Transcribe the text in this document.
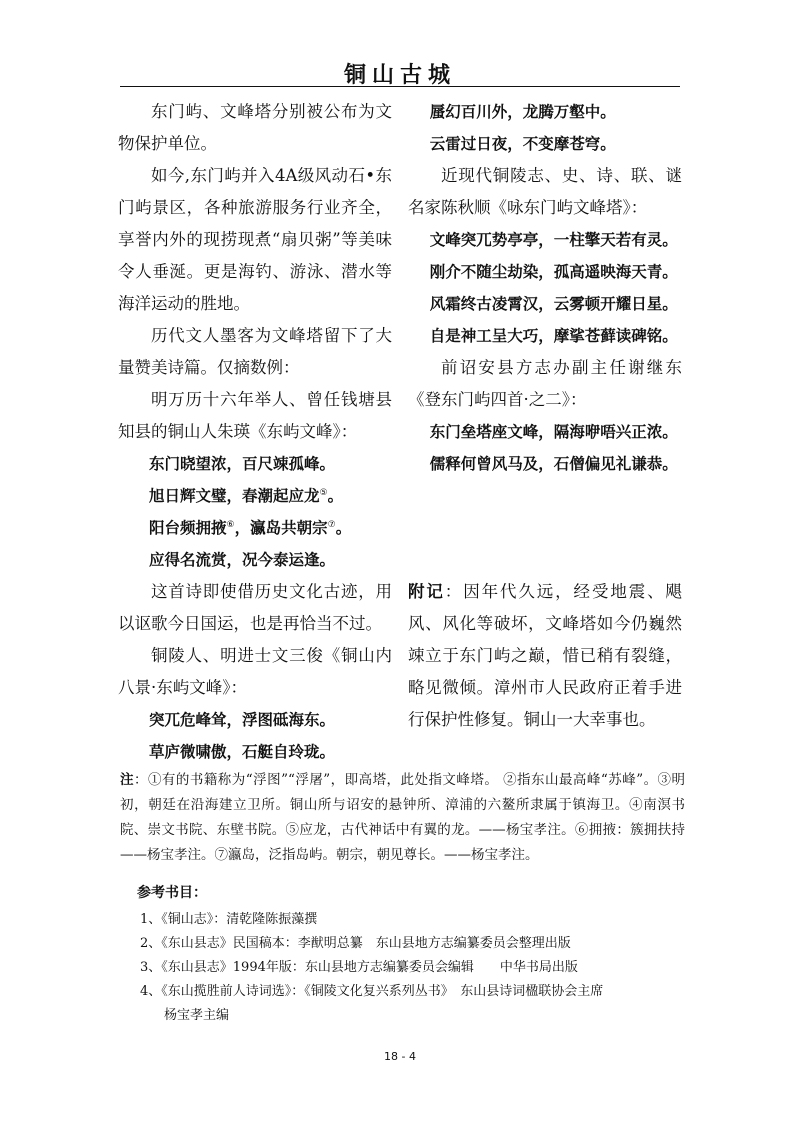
铜山古城

东门屿、文峰塔分别被公布为文物保护单位。

如今,东门屿并入4A级风动石•东门屿景区，各种旅游服务行业齐全，享誉内外的现捞现煮“扇贝粥”等美味令人垂涎。更是海钓、游泳、潜水等海洋运动的胜地。

历代文人墨客为文峰塔留下了大量赞美诗篇。仅摘数例：

明万历十六年举人、曾任钱塘县知县的铜山人朱瑛《东屿文峰》：

东门晓望浓，百尺竦孤峰。
旭日辉文璧，春潮起应龙⑤。
阳台频拥掖⑥，瀛岛共朝宗⑦。
应得名流赏，况今泰运逢。

这首诗即使借历史文化古迹，用以讴歌今日国运，也是再恰当不过。

铜陵人、明进士文三俊《铜山内八景·东屿文峰》：

突兀危峰耸，浮图砥海东。
草庐微啸傲，石艇自玲珑。
蜃幻百川外，龙腾万壑中。
云雷过日夜，不变摩苍穹。

近现代铜陵志、史、诗、联、谜名家陈秋顺《咏东门屿文峰塔》：

文峰突兀势亭亭，一柱擎天若有灵。
刚介不随尘劫染，孤高遥映海天青。
风霜终古凌霄汉，云雾顿开耀日星。
自是神工呈大巧，摩挲苍藓读碑铭。

前诏安县方志办副主任谢继东《登东门屿四首·之二》：

东门垒塔座文峰，隔海咿唔兴正浓。
儒释何曾风马及，石僧偏见礼谦恭。

附记：因年代久远，经受地震、飓风、风化等破坏，文峰塔如今仍巍然竦立于东门屿之巅，惜已稍有裂缝，略见微倾。漳州市人民政府正着手进行保护性修复。铜山一大幸事也。

注：①有的书籍称为“浮图”“浮屠”，即高塔，此处指文峰塔。 ②指东山最高峰“苏峰”。③明初，朝廷在沿海建立卫所。铜山所与诏安的悬钟所、漳浦的六鳌所隶属于镇海卫。④南溟书院、崇文书院、东壁书院。⑤应龙，古代神话中有翼的龙。——杨宝孝注。⑥拥掖：簇拥扶持——杨宝孝注。⑦瀛岛，泛指岛屿。朝宗，朝见尊长。——杨宝孝注。
参考书目：
1、《铜山志》：清乾隆陈振藻撰
2、《东山县志》民国稿本：李猷明总纂　东山县地方志编纂委员会整理出版
3、《东山县志》1994年版：东山县地方志编纂委员会编辑　　中华书局出版
4、《东山揽胜前人诗词选》：《铜陵文化复兴系列丛书》　东山县诗词楹联协会主席
杨宝孝主编
18 - 4
